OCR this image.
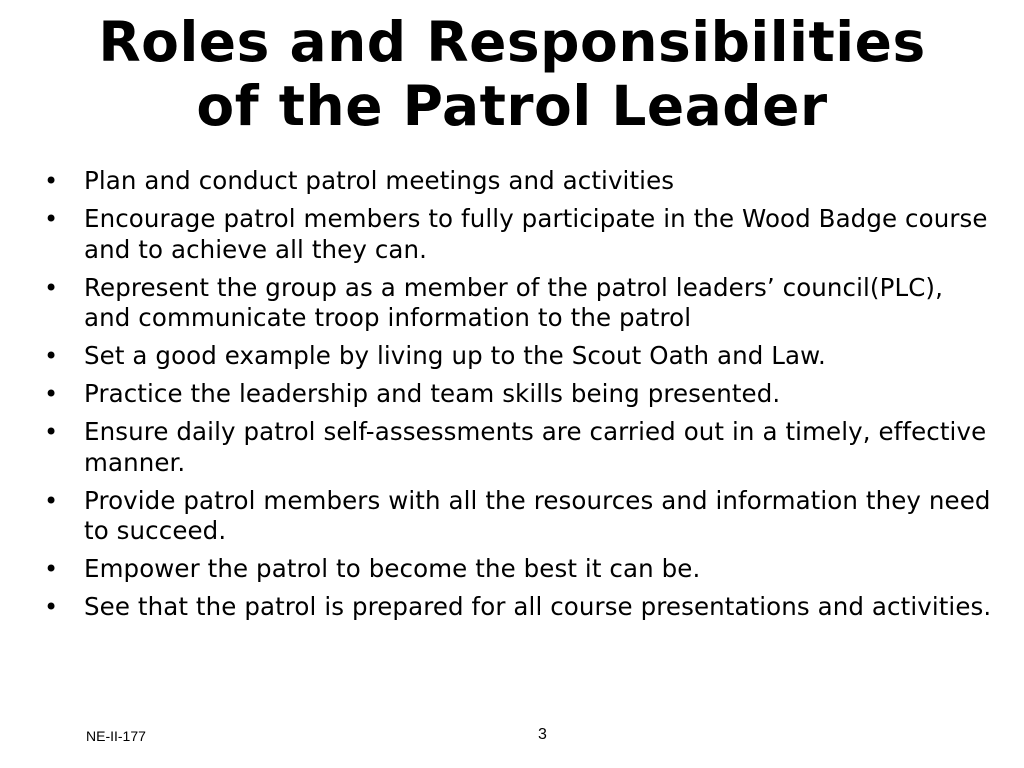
Roles and Responsibilities
of the Patrol Leader
• Plan and conduct patrol meetings and activities
• Encourage patrol members to fully participate in the Wood Badge course and to achieve all they can.
• Represent the group as a member of the patrol leaders’ council(PLC), and communicate troop information to the patrol
• Set a good example by living up to the Scout Oath and Law.
• Practice the leadership and team skills being presented.
• Ensure daily patrol self-assessments are carried out in a timely, effective manner.
• Provide patrol members with all the resources and information they need to succeed.
• Empower the patrol to become the best it can be.
• See that the patrol is prepared for all course presentations and activities.
NE-II-177	3
